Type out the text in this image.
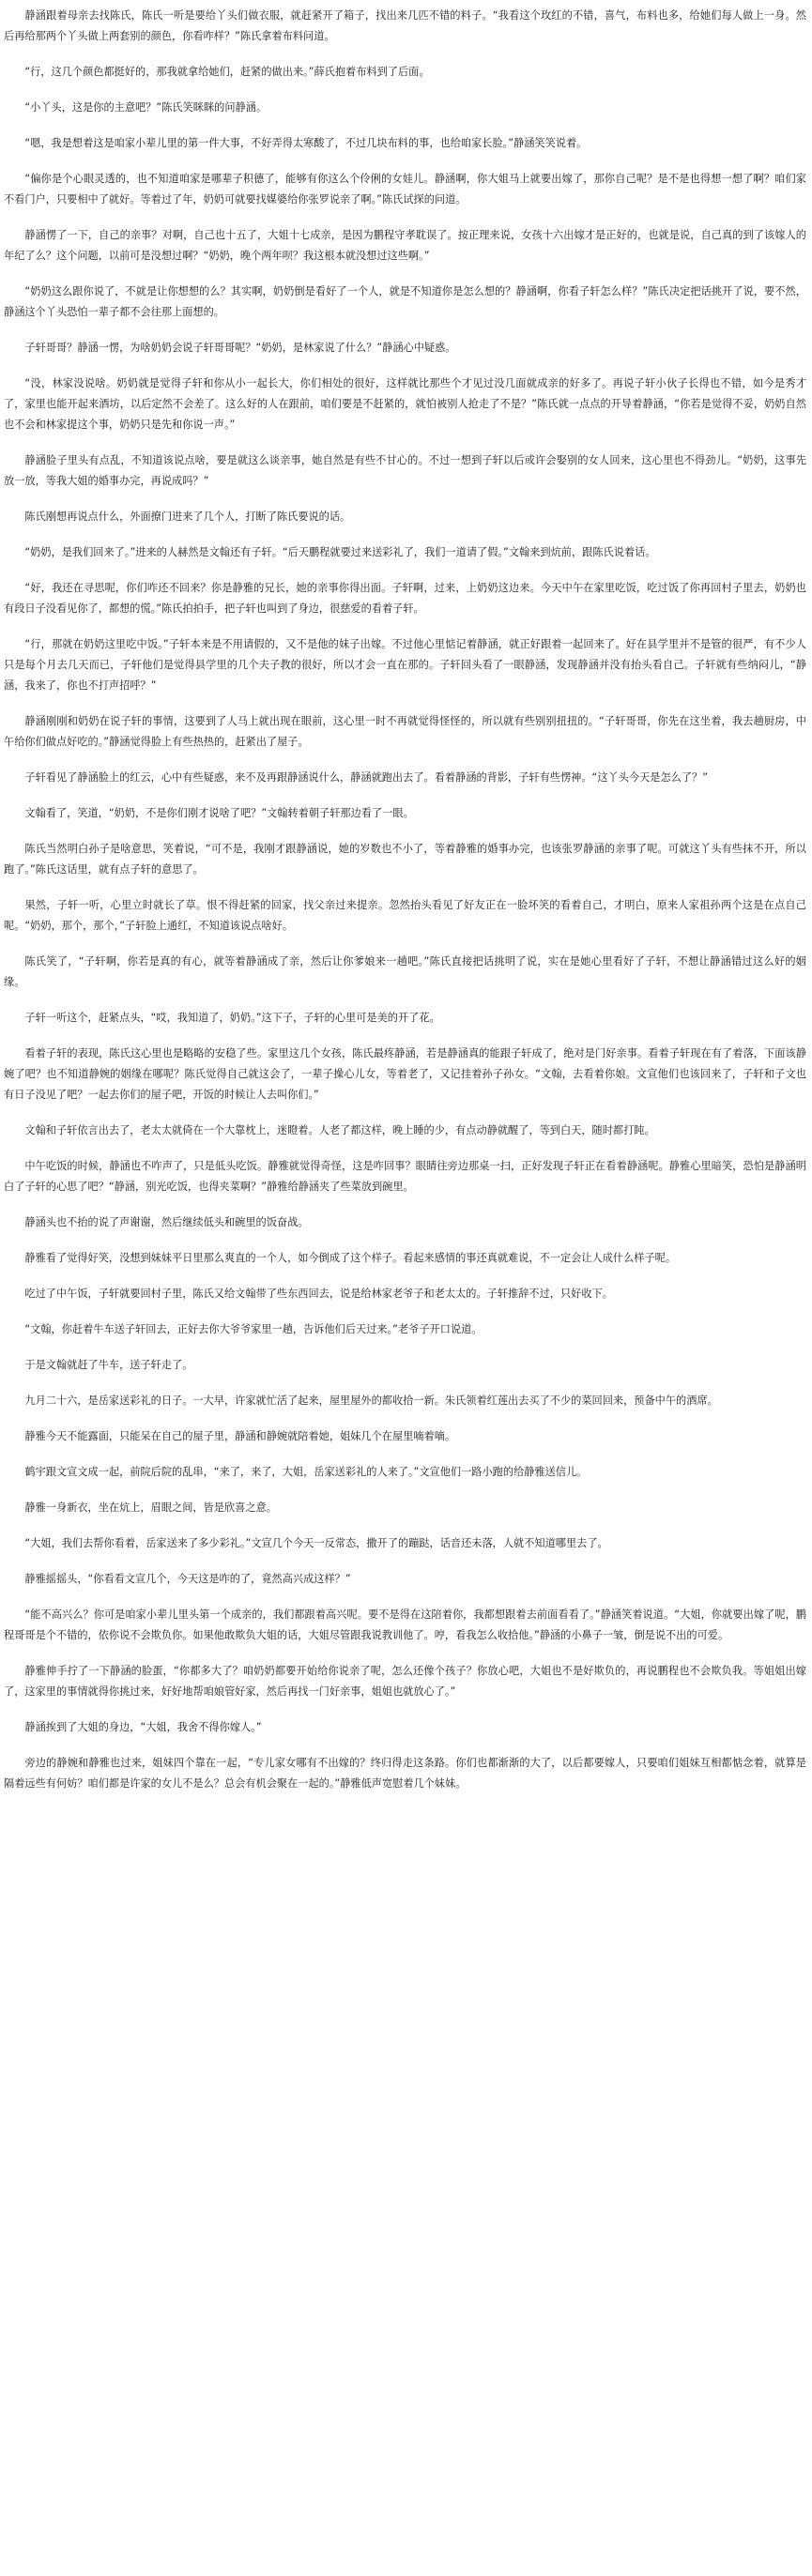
静涵跟着母亲去找陈氏，陈氏一听是要给丫头们做衣服，就赶紧开了箱子，找出来几匹不错的料子。“我看这个玫红的不错，喜气，布料也多，给她们每人做上一身。然后再给那两个丫头做上两套别的颜色，你看咋样？”陈氏拿着布料问道。

“行，这几个颜色都挺好的，那我就拿给她们，赶紧的做出来。”薛氏抱着布料到了后面。

“小丫头，这是你的主意吧？”陈氏笑眯眯的问静涵。

“嗯，我是想着这是咱家小辈儿里的第一件大事，不好弄得太寒酸了，不过几块布料的事，也给咱家长脸。”静涵笑笑说着。

“偏你是个心眼灵透的，也不知道咱家是哪辈子积德了，能够有你这么个伶俐的女娃儿。静涵啊，你大姐马上就要出嫁了，那你自己呢？是不是也得想一想了啊？咱们家不看门户，只要相中了就好。等着过了年，奶奶可就要找媒婆给你张罗说亲了啊。”陈氏试探的问道。

静涵愣了一下，自己的亲事？对啊，自己也十五了，大姐十七成亲，是因为鹏程守孝耽误了。按正理来说，女孩十六出嫁才是正好的，也就是说，自己真的到了该嫁人的年纪了么？这个问题，以前可是没想过啊？“奶奶，晚个两年呗？我这根本就没想过这些啊。”

“奶奶这么跟你说了，不就是让你想想的么？其实啊，奶奶倒是看好了一个人，就是不知道你是怎么想的？静涵啊，你看子轩怎么样？”陈氏决定把话挑开了说，要不然，静涵这个丫头恐怕一辈子都不会往那上面想的。

子轩哥哥？静涵一愣，为啥奶奶会说子轩哥哥呢？“奶奶，是林家说了什么？”静涵心中疑惑。

“没，林家没说啥。奶奶就是觉得子轩和你从小一起长大，你们相处的很好，这样就比那些个才见过没几面就成亲的好多了。再说子轩小伙子长得也不错，如今是秀才了，家里也能开起来酒坊，以后定然不会差了。这么好的人在跟前，咱们要是不赶紧的，就怕被别人抢走了不是？”陈氏就一点点的开导着静涵，“你若是觉得不妥，奶奶自然也不会和林家提这个事，奶奶只是先和你说一声。”

静涵脸子里头有点乱，不知道该说点啥，要是就这么谈亲事，她自然是有些不甘心的。不过一想到子轩以后或许会娶别的女人回来，这心里也不得劲儿。“奶奶，这事先放一放，等我大姐的婚事办完，再说成吗？”

陈氏刚想再说点什么，外面撩门进来了几个人，打断了陈氏要说的话。

“奶奶，是我们回来了。”进来的人赫然是文翰还有子轩。“后天鹏程就要过来送彩礼了，我们一道请了假。”文翰来到炕前，跟陈氏说着话。

“好，我还在寻思呢，你们咋还不回来？你是静雅的兄长，她的亲事你得出面。子轩啊，过来，上奶奶这边来。今天中午在家里吃饭，吃过饭了你再回村子里去，奶奶也有段日子没看见你了，都想的慌。”陈氏拍拍手，把子轩也叫到了身边，很慈爱的看着子轩。

“行，那就在奶奶这里吃中饭。”子轩本来是不用请假的，又不是他的妹子出嫁。不过他心里惦记着静涵，就正好跟着一起回来了。好在县学里并不是管的很严，有不少人只是每个月去几天而已，子轩他们是觉得县学里的几个夫子教的很好，所以才会一直在那的。子轩回头看了一眼静涵，发现静涵并没有抬头看自己。子轩就有些纳闷儿，“静涵，我来了，你也不打声招呼？”

静涵刚刚和奶奶在说子轩的事情，这要到了人马上就出现在眼前，这心里一时不再就觉得怪怪的，所以就有些别别扭扭的。“子轩哥哥，你先在这坐着，我去趟厨房，中午给你们做点好吃的。”静涵觉得脸上有些热热的，赶紧出了屋子。

子轩看见了静涵脸上的红云，心中有些疑惑，来不及再跟静涵说什么，静涵就跑出去了。看着静涵的背影，子轩有些愣神。“这丫头今天是怎么了？”

文翰看了，笑道，“奶奶，不是你们刚才说啥了吧？”文翰转着朝子轩那边看了一眼。

陈氏当然明白孙子是啥意思，笑着说，“可不是，我刚才跟静涵说，她的岁数也不小了，等着静雅的婚事办完，也该张罗静涵的亲事了呢。可就这丫头有些抹不开，所以跑了。”陈氏这话里，就有点子轩的意思了。

果然，子轩一听，心里立时就长了草。恨不得赶紧的回家，找父亲过来提亲。忽然抬头看见了好友正在一脸坏笑的看着自己，才明白，原来人家祖孙两个这是在点自己呢。“奶奶，那个，那个，”子轩脸上通红，不知道该说点啥好。

陈氏笑了，“子轩啊，你若是真的有心，就等着静涵成了亲，然后让你爹娘来一趟吧。”陈氏直接把话挑明了说，实在是她心里看好了子轩，不想让静涵错过这么好的姻缘。

子轩一听这个，赶紧点头，“哎，我知道了，奶奶。”这下子，子轩的心里可是美的开了花。

看着子轩的表现，陈氏这心里也是略略的安稳了些。家里这几个女孩，陈氏最疼静涵，若是静涵真的能跟子轩成了，绝对是门好亲事。看着子轩现在有了着落，下面该静婉了吧？也不知道静婉的姻缘在哪呢？陈氏觉得自己就这会了，一辈子操心儿女，等着老了，又记挂着孙子孙女。“文翰，去看着你娘。文宣他们也该回来了，子轩和子文也有日子没见了吧？一起去你们的屋子吧，开饭的时候让人去叫你们。”

文翰和子轩依言出去了，老太太就倚在一个大靠枕上，迷瞪着。人老了都这样，晚上睡的少，有点动静就醒了，等到白天，随时都打盹。

中午吃饭的时候，静涵也不咋声了，只是低头吃饭。静雅就觉得奇怪，这是咋回事？眼睛往旁边那桌一扫，正好发现子轩正在看着静涵呢。静雅心里暗笑，恐怕是静涵明白了子轩的心思了吧？“静涵，别光吃饭，也得夹菜啊？”静雅给静涵夹了些菜放到碗里。

静涵头也不抬的说了声谢谢，然后继续低头和碗里的饭奋战。

静雅看了觉得好笑，没想到妹妹平日里那么爽直的一个人，如今倒成了这个样子。看起来感情的事还真就难说，不一定会让人成什么样子呢。

吃过了中午饭，子轩就要回村子里，陈氏又给文翰带了些东西回去，说是给林家老爷子和老太太的。子轩推辞不过，只好收下。

“文翰，你赶着牛车送子轩回去，正好去你大爷爷家里一趟，告诉他们后天过来。”老爷子开口说道。

于是文翰就赶了牛车，送子轩走了。

九月二十六，是岳家送彩礼的日子。一大早，许家就忙活了起来，屋里屋外的都收拾一新。朱氏领着红莲出去买了不少的菜回回来，预备中午的酒席。

静雅今天不能露面，只能呆在自己的屋子里，静涵和静婉就陪着她，姐妹几个在屋里嘀着嘀。

鹤宇跟文宣文成一起，前院后院的乱串，“来了，来了，大姐，岳家送彩礼的人来了。”文宣他们一路小跑的给静雅送信儿。

静雅一身新衣，坐在炕上，眉眼之间，皆是欣喜之意。

“大姐，我们去帮你看着，岳家送来了多少彩礼。”文宣几个今天一反常态，撒开了的蹦跶，话音还未落，人就不知道哪里去了。

静雅摇摇头，“你看看文宣几个，今天这是咋的了，竟然高兴成这样？”

“能不高兴么？你可是咱家小辈儿里头第一个成亲的，我们都跟着高兴呢。要不是得在这陪着你，我都想跟着去前面看看了。”静涵笑着说道。“大姐，你就要出嫁了呢，鹏程哥哥是个不错的，依你说不会欺负你。如果他敢欺负大姐的话，大姐尽管跟我说教训他了。哼，看我怎么收拾他。”静涵的小鼻子一皱，倒是说不出的可爱。

静雅伸手拧了一下静涵的脸蛋，“你都多大了？咱奶奶都要开始给你说亲了呢，怎么还像个孩子？你放心吧，大姐也不是好欺负的，再说鹏程也不会欺负我。等姐姐出嫁了，这家里的事情就得你挑过来，好好地帮咱娘管好家，然后再找一门好亲事，姐姐也就放心了。”

静涵挨到了大姐的身边，“大姐，我舍不得你嫁人。”

旁边的静婉和静雅也过来，姐妹四个靠在一起，“专儿家女哪有不出嫁的？终归得走这条路。你们也都渐渐的大了，以后都要嫁人，只要咱们姐妹互相都惦念着，就算是隔着远些有何妨？咱们都是许家的女儿不是么？总会有机会聚在一起的。”静雅低声宽慰着几个妹妹。
